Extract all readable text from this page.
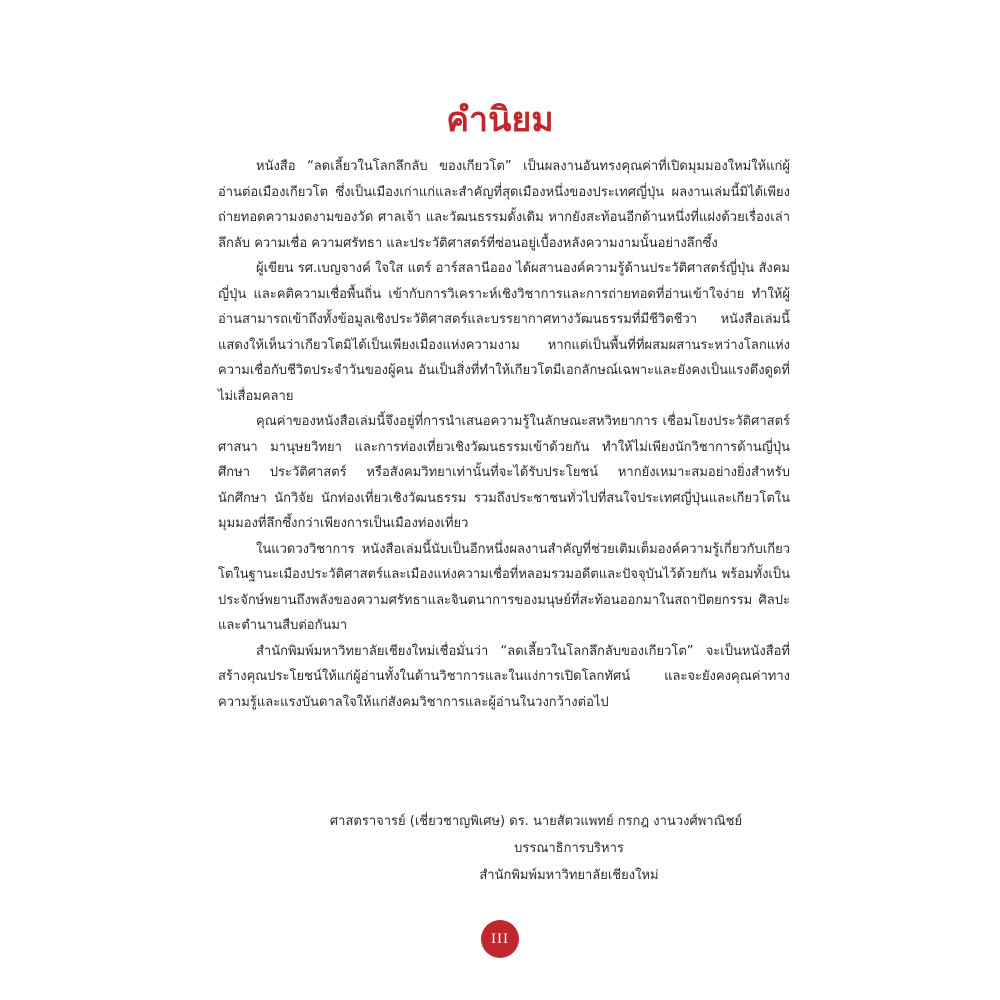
คำนิยม

หนังสือ “ลดเลี้ยวในโลกลึกลับ ของเกียวโต” เป็นผลงานอันทรงคุณค่าที่เปิดมุมมองใหม่ให้แก่ผู้อ่านต่อเมืองเกียวโต ซึ่งเป็นเมืองเก่าแก่และสำคัญที่สุดเมืองหนึ่งของประเทศญี่ปุ่น ผลงานเล่มนี้มิได้เพียงถ่ายทอดความงดงามของวัด ศาลเจ้า และวัฒนธรรมดั้งเดิม หากยังสะท้อนอีกด้านหนึ่งที่แฝงด้วยเรื่องเล่าลึกลับ ความเชื่อ ความศรัทธา และประวัติศาสตร์ที่ซ่อนอยู่เบื้องหลังความงามนั้นอย่างลึกซึ้ง

ผู้เขียน รศ.เบญจางค์ ใจใส แตร์ อาร์สลานีออง ได้ผสานองค์ความรู้ด้านประวัติศาสตร์ญี่ปุ่น สังคมญี่ปุ่น และคติความเชื่อพื้นถิ่น เข้ากับการวิเคราะห์เชิงวิชาการและการถ่ายทอดที่อ่านเข้าใจง่าย ทำให้ผู้อ่านสามารถเข้าถึงทั้งข้อมูลเชิงประวัติศาสตร์และบรรยากาศทางวัฒนธรรมที่มีชีวิตชีวา หนังสือเล่มนี้แสดงให้เห็นว่าเกียวโตมิได้เป็นเพียงเมืองแห่งความงาม หากแต่เป็นพื้นที่ที่ผสมผสานระหว่างโลกแห่งความเชื่อกับชีวิตประจำวันของผู้คน อันเป็นสิ่งที่ทำให้เกียวโตมีเอกลักษณ์เฉพาะและยังคงเป็นแรงดึงดูดที่ไม่เสื่อมคลาย

คุณค่าของหนังสือเล่มนี้จึงอยู่ที่การนำเสนอความรู้ในลักษณะสหวิทยาการ เชื่อมโยงประวัติศาสตร์ ศาสนา มานุษยวิทยา และการท่องเที่ยวเชิงวัฒนธรรมเข้าด้วยกัน ทำให้ไม่เพียงนักวิชาการด้านญี่ปุ่นศึกษา ประวัติศาสตร์ หรือสังคมวิทยาเท่านั้นที่จะได้รับประโยชน์ หากยังเหมาะสมอย่างยิ่งสำหรับนักศึกษา นักวิจัย นักท่องเที่ยวเชิงวัฒนธรรม รวมถึงประชาชนทั่วไปที่สนใจประเทศญี่ปุ่นและเกียวโตในมุมมองที่ลึกซึ้งกว่าเพียงการเป็นเมืองท่องเที่ยว

ในแวดวงวิชาการ หนังสือเล่มนี้นับเป็นอีกหนึ่งผลงานสำคัญที่ช่วยเติมเต็มองค์ความรู้เกี่ยวกับเกียวโตในฐานะเมืองประวัติศาสตร์และเมืองแห่งความเชื่อที่หลอมรวมอดีตและปัจจุบันไว้ด้วยกัน พร้อมทั้งเป็นประจักษ์พยานถึงพลังของความศรัทธาและจินตนาการของมนุษย์ที่สะท้อนออกมาในสถาปัตยกรรม ศิลปะ และตำนานสืบต่อกันมา

สำนักพิมพ์มหาวิทยาลัยเชียงใหม่เชื่อมั่นว่า “ลดเลี้ยวในโลกลึกลับของเกียวโต” จะเป็นหนังสือที่สร้างคุณประโยชน์ให้แก่ผู้อ่านทั้งในด้านวิชาการและในแง่การเปิดโลกทัศน์ และจะยังคงคุณค่าทางความรู้และแรงบันดาลใจให้แก่สังคมวิชาการและผู้อ่านในวงกว้างต่อไป

ศาสตราจารย์ (เชี่ยวชาญพิเศษ) ดร. นายสัตวแพทย์ กรกฎ งานวงศ์พาณิชย์

บรรณาธิการบริหาร

สำนักพิมพ์มหาวิทยาลัยเชียงใหม่

III
